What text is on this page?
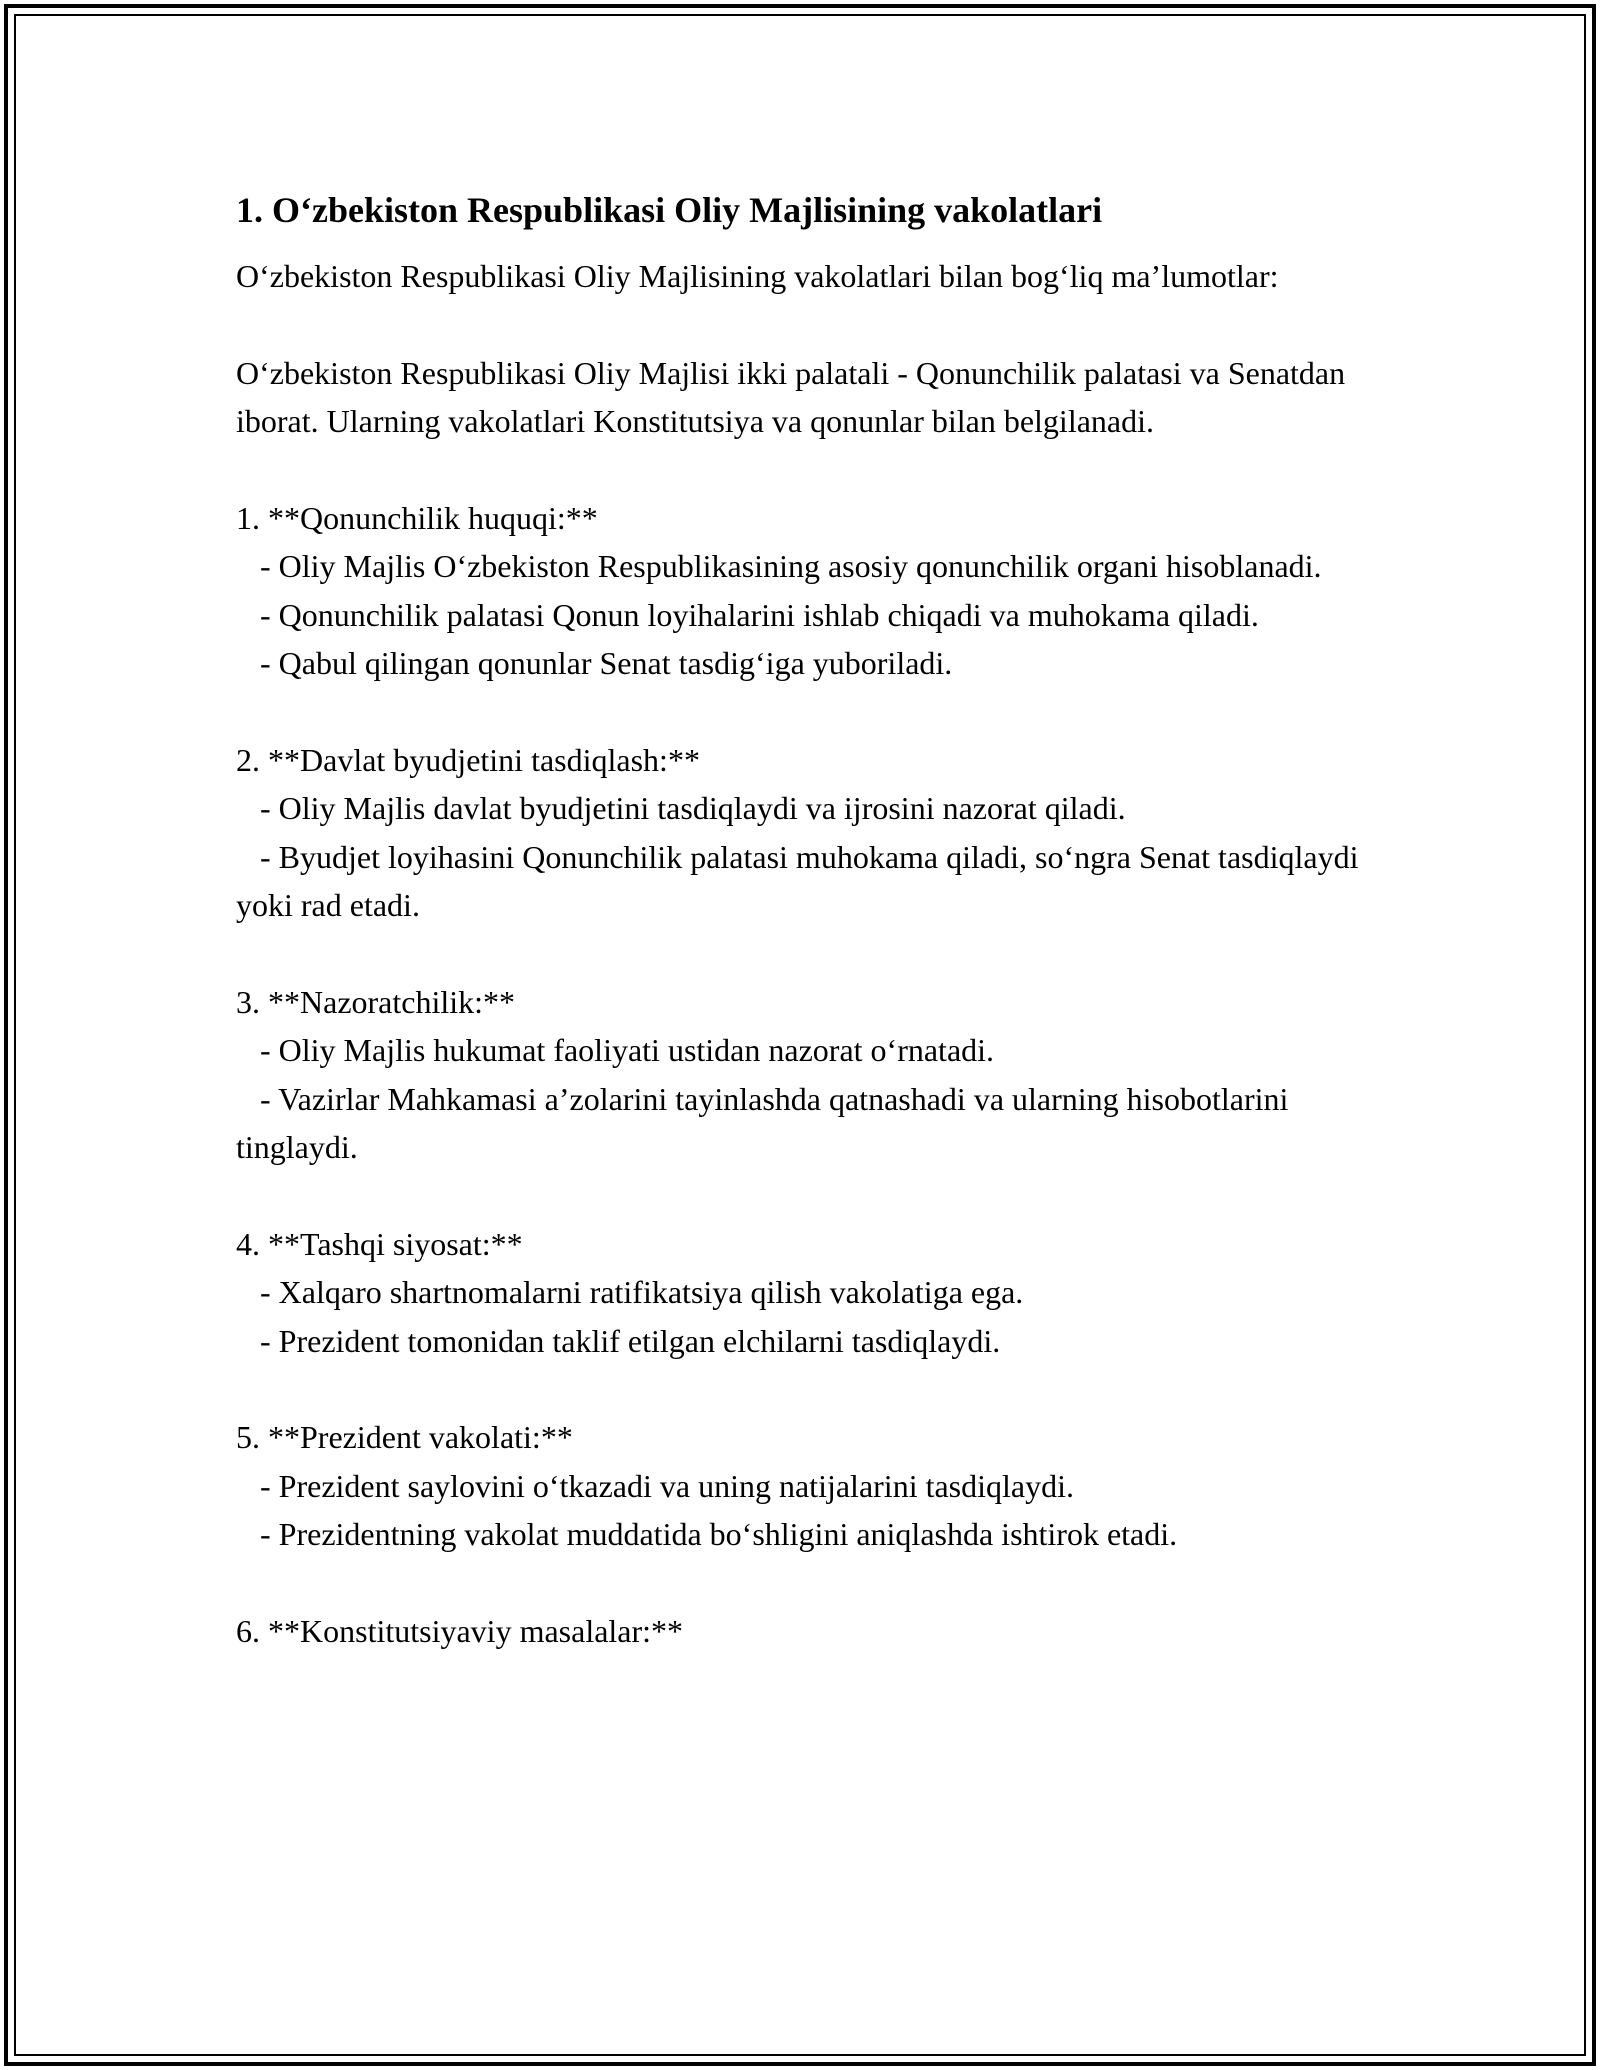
1. O‘zbekiston Respublikasi Oliy Majlisining vakolatlari
O‘zbekiston Respublikasi Oliy Majlisining vakolatlari bilan bog‘liq ma’lumotlar:
O‘zbekiston Respublikasi Oliy Majlisi ikki palatali - Qonunchilik palatasi va Senatdan iborat. Ularning vakolatlari Konstitutsiya va qonunlar bilan belgilanadi.
1. **Qonunchilik huquqi:**
- Oliy Majlis O‘zbekiston Respublikasining asosiy qonunchilik organi hisoblanadi.
- Qonunchilik palatasi Qonun loyihalarini ishlab chiqadi va muhokama qiladi.
- Qabul qilingan qonunlar Senat tasdig‘iga yuboriladi.
2. **Davlat byudjetini tasdiqlash:**
- Oliy Majlis davlat byudjetini tasdiqlaydi va ijrosini nazorat qiladi.
- Byudjet loyihasini Qonunchilik palatasi muhokama qiladi, so‘ngra Senat tasdiqlaydi yoki rad etadi.
3. **Nazoratchilik:**
- Oliy Majlis hukumat faoliyati ustidan nazorat o‘rnatadi.
- Vazirlar Mahkamasi a’zolarini tayinlashda qatnashadi va ularning hisobotlarini tinglaydi.
4. **Tashqi siyosat:**
- Xalqaro shartnomalarni ratifikatsiya qilish vakolatiga ega.
- Prezident tomonidan taklif etilgan elchilarni tasdiqlaydi.
5. **Prezident vakolati:**
- Prezident saylovini o‘tkazadi va uning natijalarini tasdiqlaydi.
- Prezidentning vakolat muddatida bo‘shligini aniqlashda ishtirok etadi.
6. **Konstitutsiyaviy masalalar:**
